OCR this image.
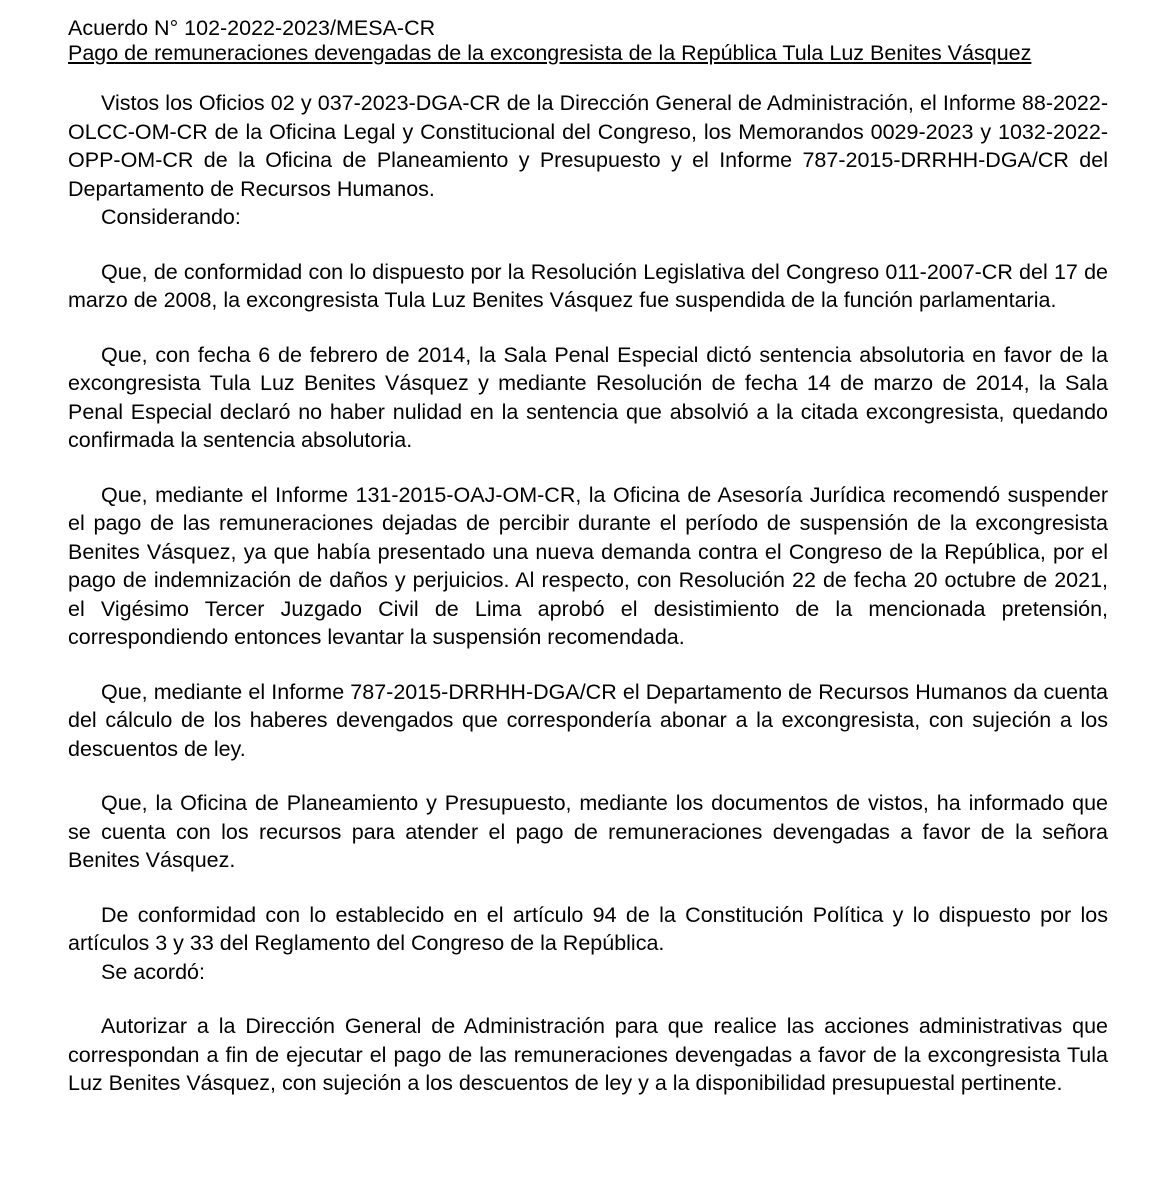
Acuerdo N° 102-2022-2023/MESA-CR

Pago de remuneraciones devengadas de la excongresista de la República Tula Luz Benites Vásquez

Vistos los Oficios 02 y 037-2023-DGA-CR de la Dirección General de Administración, el Informe 88-2022-OLCC-OM-CR de la Oficina Legal y Constitucional del Congreso, los Memorandos 0029-2023 y 1032-2022-OPP-OM-CR de la Oficina de Planeamiento y Presupuesto y el Informe 787-2015-DRRHH-DGA/CR del Departamento de Recursos Humanos.

Considerando:

Que, de conformidad con lo dispuesto por la Resolución Legislativa del Congreso 011-2007-CR del 17 de marzo de 2008, la excongresista Tula Luz Benites Vásquez fue suspendida de la función parlamentaria.

Que, con fecha 6 de febrero de 2014, la Sala Penal Especial dictó sentencia absolutoria en favor de la excongresista Tula Luz Benites Vásquez y mediante Resolución de fecha 14 de marzo de 2014, la Sala Penal Especial declaró no haber nulidad en la sentencia que absolvió a la citada excongresista, quedando confirmada la sentencia absolutoria.

Que, mediante el Informe 131-2015-OAJ-OM-CR, la Oficina de Asesoría Jurídica recomendó suspender el pago de las remuneraciones dejadas de percibir durante el período de suspensión de la excongresista Benites Vásquez, ya que había presentado una nueva demanda contra el Congreso de la República, por el pago de indemnización de daños y perjuicios. Al respecto, con Resolución 22 de fecha 20 octubre de 2021, el Vigésimo Tercer Juzgado Civil de Lima aprobó el desistimiento de la mencionada pretensión, correspondiendo entonces levantar la suspensión recomendada.

Que, mediante el Informe 787-2015-DRRHH-DGA/CR el Departamento de Recursos Humanos da cuenta del cálculo de los haberes devengados que correspondería abonar a la excongresista, con sujeción a los descuentos de ley.

Que, la Oficina de Planeamiento y Presupuesto, mediante los documentos de vistos, ha informado que se cuenta con los recursos para atender el pago de remuneraciones devengadas a favor de la señora Benites Vásquez.

De conformidad con lo establecido en el artículo 94 de la Constitución Política y lo dispuesto por los artículos 3 y 33 del Reglamento del Congreso de la República.

Se acordó:

Autorizar a la Dirección General de Administración para que realice las acciones administrativas que correspondan a fin de ejecutar el pago de las remuneraciones devengadas a favor de la excongresista Tula Luz Benites Vásquez, con sujeción a los descuentos de ley y a la disponibilidad presupuestal pertinente.
